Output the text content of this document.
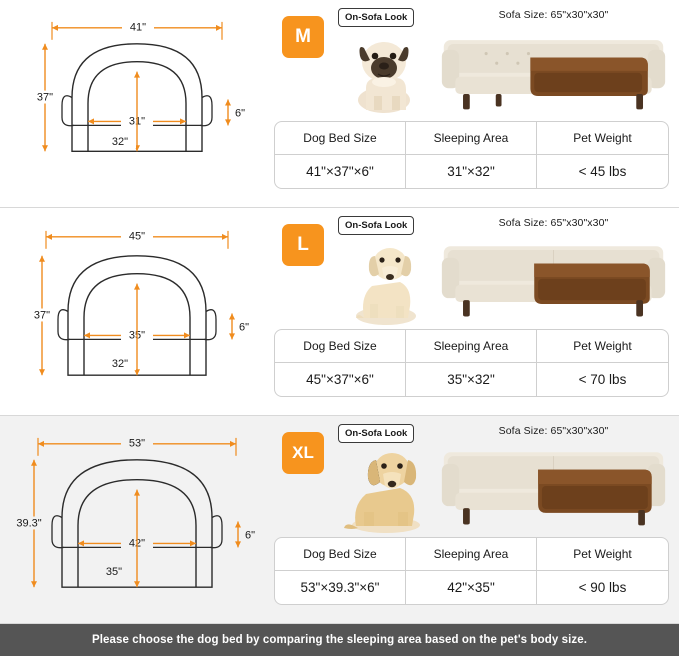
41"
37"
31"
32"
6"
M
On-Sofa Look	Sofa Size: 65"x30"x30"
Dog Bed Size	Sleeping Area	Pet Weight
41"×37"×6"	31"×32"	< 45 lbs
45"
37"
35"
32"
6"
L
On-Sofa Look	Sofa Size: 65"x30"x30"
Dog Bed Size	Sleeping Area	Pet Weight
45"×37"×6"	35"×32"	< 70 lbs
53"
39.3"
42"
35"
6"
XL
On-Sofa Look	Sofa Size: 65"x30"x30"
Dog Bed Size	Sleeping Area	Pet Weight
53"×39.3"×6"	42"×35"	< 90 lbs
Please choose the dog bed by comparing the sleeping area based on the pet's body size.
